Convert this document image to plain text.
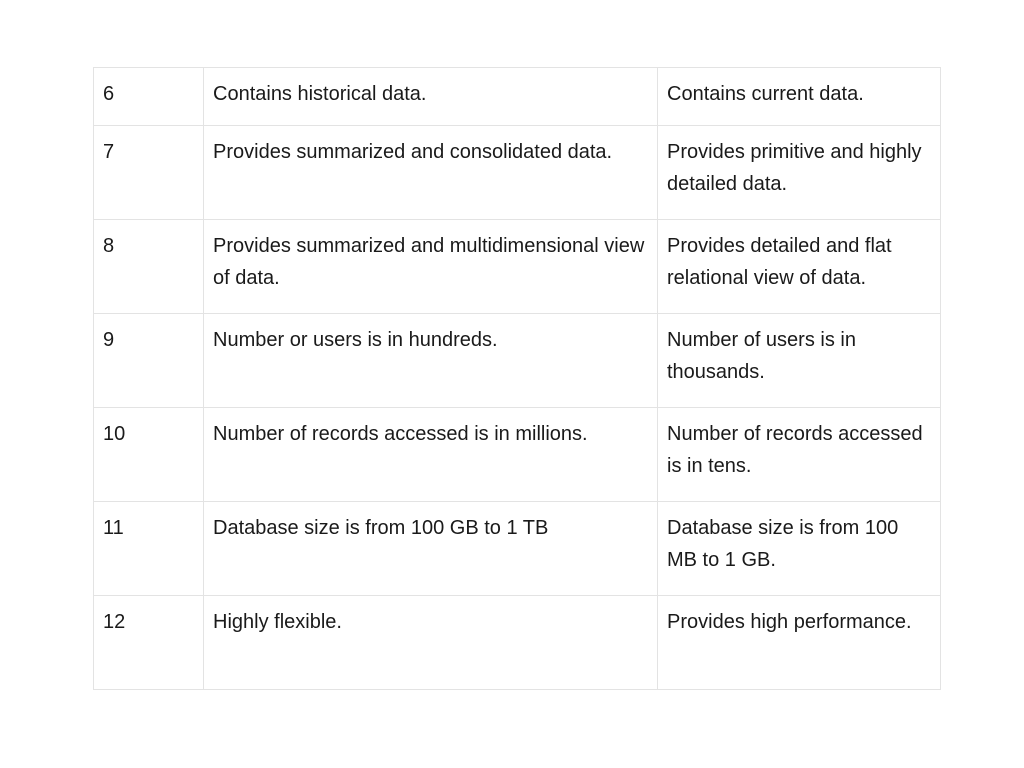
6	Contains historical data.	Contains current data.
7	Provides summarized and consolidated data.	Provides primitive and highly detailed data.
8	Provides summarized and multidimensional view of data.	Provides detailed and flat relational view of data.
9	Number or users is in hundreds.	Number of users is in thousands.
10	Number of records accessed is in millions.	Number of records accessed is in tens.
11	Database size is from 100 GB to 1 TB	Database size is from 100 MB to 1 GB.
12	Highly flexible.	Provides high performance.
